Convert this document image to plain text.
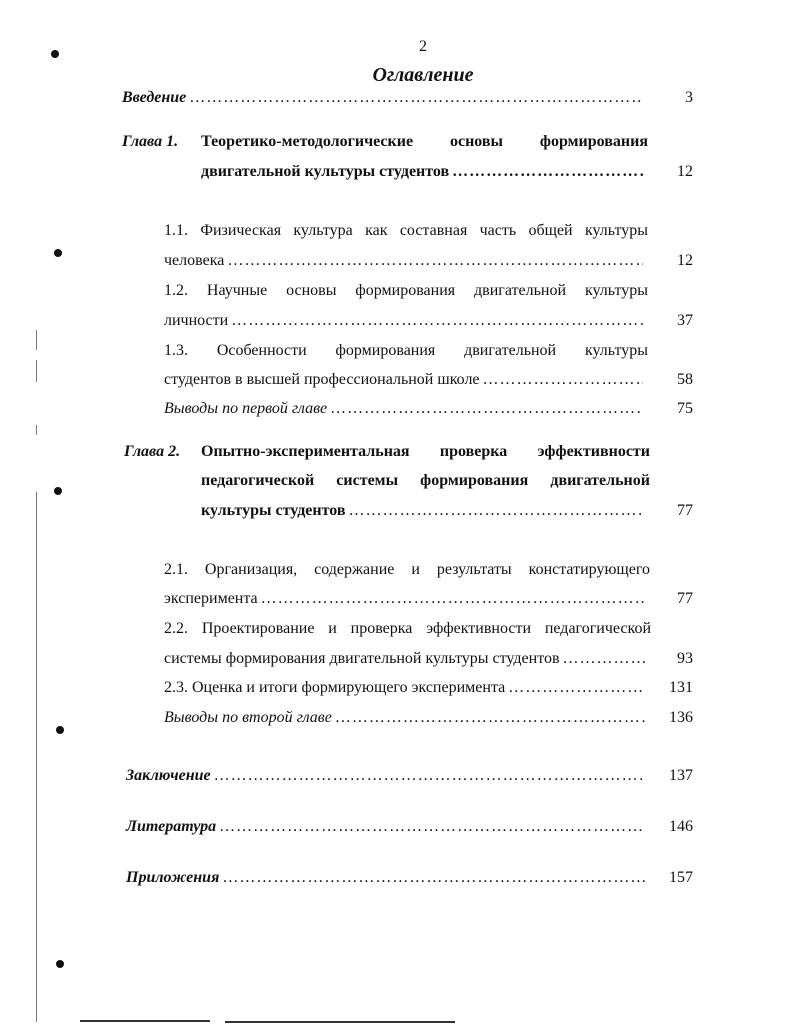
2
Оглавление
Введение ……………………………………………………………………………………………………………………………………………………	3
Глава 1. Теоретико-методологические основы формирования
двигательной культуры студентов ……………………………………………………………………………………………………………………………………………………	12
1.1. Физическая культура как составная часть общей культуры
человека ……………………………………………………………………………………………………………………………………………………	12
1.2. Научные основы формирования двигательной культуры
личности ……………………………………………………………………………………………………………………………………………………	37
1.3. Особенности формирования двигательной культуры
студентов в высшей профессиональной школе ……………………………………………………………………………………………………………………………………………………	58
Выводы по первой главе ……………………………………………………………………………………………………………………………………………………	75
Глава 2. Опытно-экспериментальная проверка эффективности
педагогической системы формирования двигательной
культуры студентов ……………………………………………………………………………………………………………………………………………………	77
2.1. Организация, содержание и результаты констатирующего
эксперимента ……………………………………………………………………………………………………………………………………………………	77
2.2. Проектирование и проверка эффективности педагогической
системы формирования двигательной культуры студентов ……………………………………………………………………………………………………………………………………………………	93
2.3. Оценка и итоги формирующего эксперимента ……………………………………………………………………………………………………………………………………………………	131
Выводы по второй главе ……………………………………………………………………………………………………………………………………………………	136
Заключение ……………………………………………………………………………………………………………………………………………………	137
Литература ……………………………………………………………………………………………………………………………………………………	146
Приложения ……………………………………………………………………………………………………………………………………………………	157
